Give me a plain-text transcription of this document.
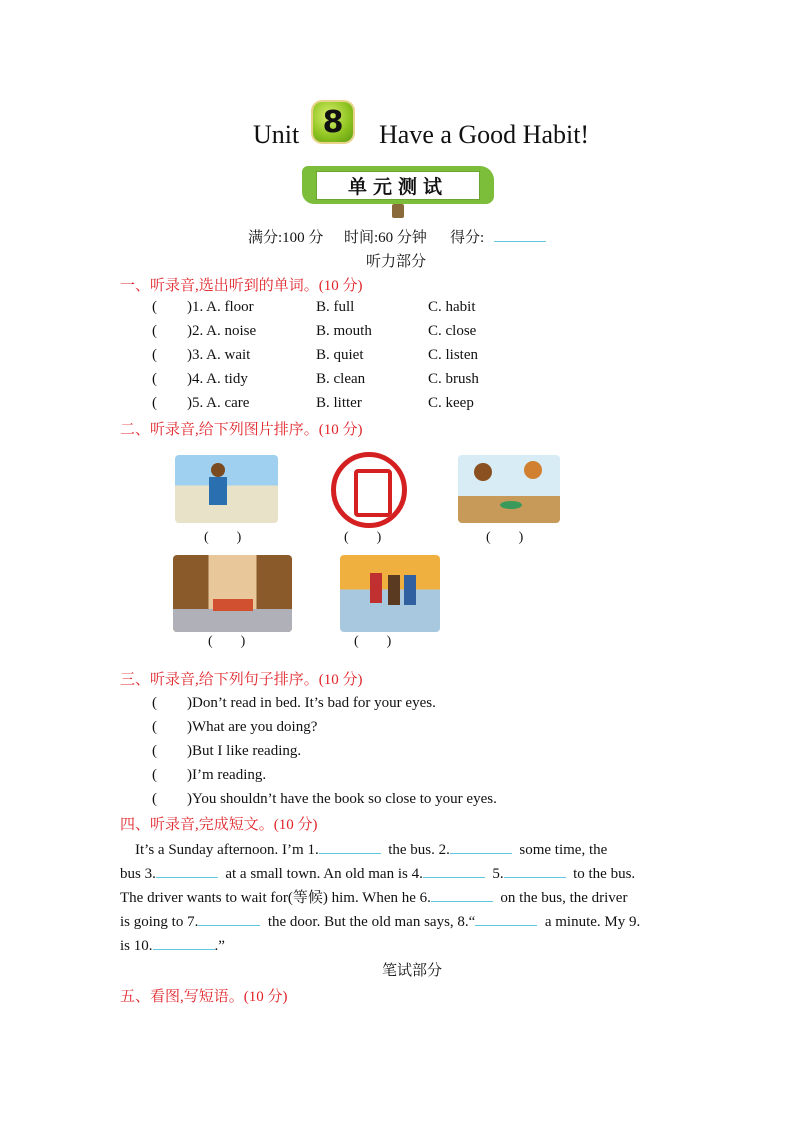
Unit 8	Have a Good Habit!
单元测试
满分:100 分 时间:60 分钟 得分:
听力部分
一、听录音,选出听到的单词。(10 分)
(        )1. A. floor	B. full	C. habit
(        )2. A. noise	B. mouth	C. close
(        )3. A. wait	B. quiet	C. listen
(        )4. A. tidy	B. clean	C. brush
(        )5. A. care	B. litter	C. keep
二、听录音,给下列图片排序。(10 分)
(        )	(        )	(        )
(        )	(        )
三、听录音,给下列句子排序。(10 分)
(        )Don’t read in bed. It’s bad for your eyes.
(        )What are you doing?
(        )But I like reading.
(        )I’m reading.
(        )You shouldn’t have the book so close to your eyes.
四、听录音,完成短文。(10 分)
It’s a Sunday afternoon. I’m 1.	the bus. 2.	some time, the
bus 3.	at a small town. An old man is 4.	5.	to the bus.
The driver wants to wait for(等候) him. When he 6.	on the bus, the driver
is going to 7.	the door. But the old man says, 8.“	a minute. My 9.
is 10.	.”
笔试部分
五、看图,写短语。(10 分)
